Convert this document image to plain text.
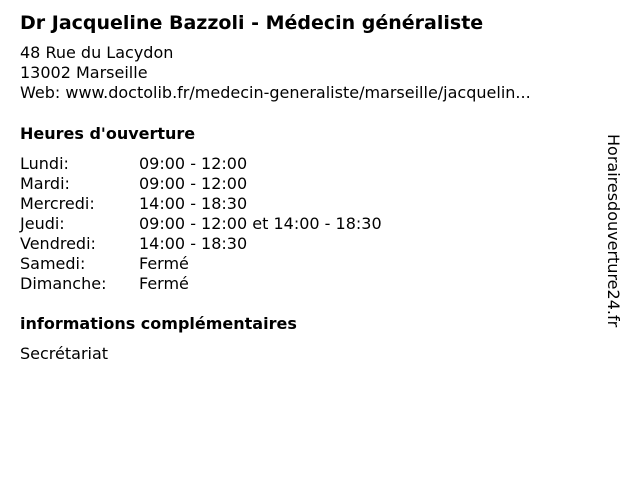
Dr Jacqueline Bazzoli - Médecin généraliste
48 Rue du Lacydon
13002 Marseille
Web: www.doctolib.fr/medecin-generaliste/marseille/jacquelin...
Heures d'ouverture
Lundi:	09:00 - 12:00
Mardi:	09:00 - 12:00
Mercredi:	14:00 - 18:30
Jeudi:	09:00 - 12:00 et 14:00 - 18:30
Vendredi:	14:00 - 18:30
Samedi:	Fermé
Dimanche:	Fermé
informations complémentaires
Secrétariat
Horairesdouverture24.fr
